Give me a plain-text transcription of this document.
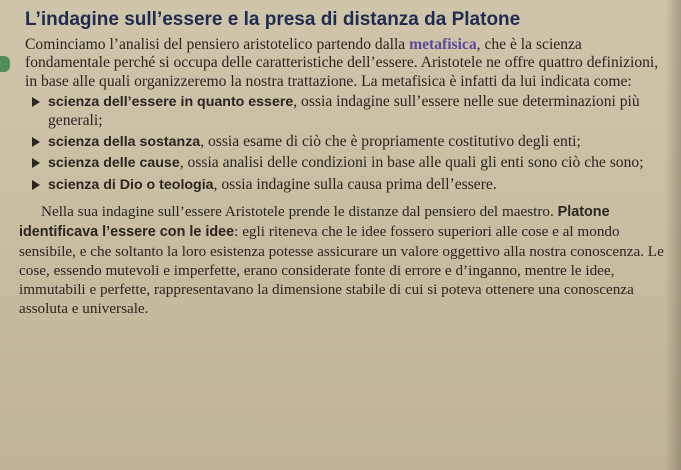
L’indagine sull’essere e la presa di distanza da Platone

Cominciamo l’analisi del pensiero aristotelico partendo dalla metafisica, che è la scienza fondamentale perché si occupa delle caratteristiche dell’essere. Aristotele ne offre quattro definizioni, in base alle quali organizzeremo la nostra trattazione. La metafisica è infatti da lui indicata come:

scienza dell’essere in quanto essere, ossia indagine sull’essere nelle sue determinazioni più generali;
scienza della sostanza, ossia esame di ciò che è propriamente costitutivo degli enti;
scienza delle cause, ossia analisi delle condizioni in base alle quali gli enti sono ciò che sono;
scienza di Dio o teologia, ossia indagine sulla causa prima dell’essere.

Nella sua indagine sull’essere Aristotele prende le distanze dal pensiero del maestro. Platone identificava l’essere con le idee: egli riteneva che le idee fossero superiori alle cose e al mondo sensibile, e che soltanto la loro esistenza potesse assicurare un valore oggettivo alla nostra conoscenza. Le cose, essendo mutevoli e imperfette, erano considerate fonte di errore e d’inganno, mentre le idee, immutabili e perfette, rappresentavano la dimensione stabile di cui si poteva ottenere una conoscenza assoluta e universale.
